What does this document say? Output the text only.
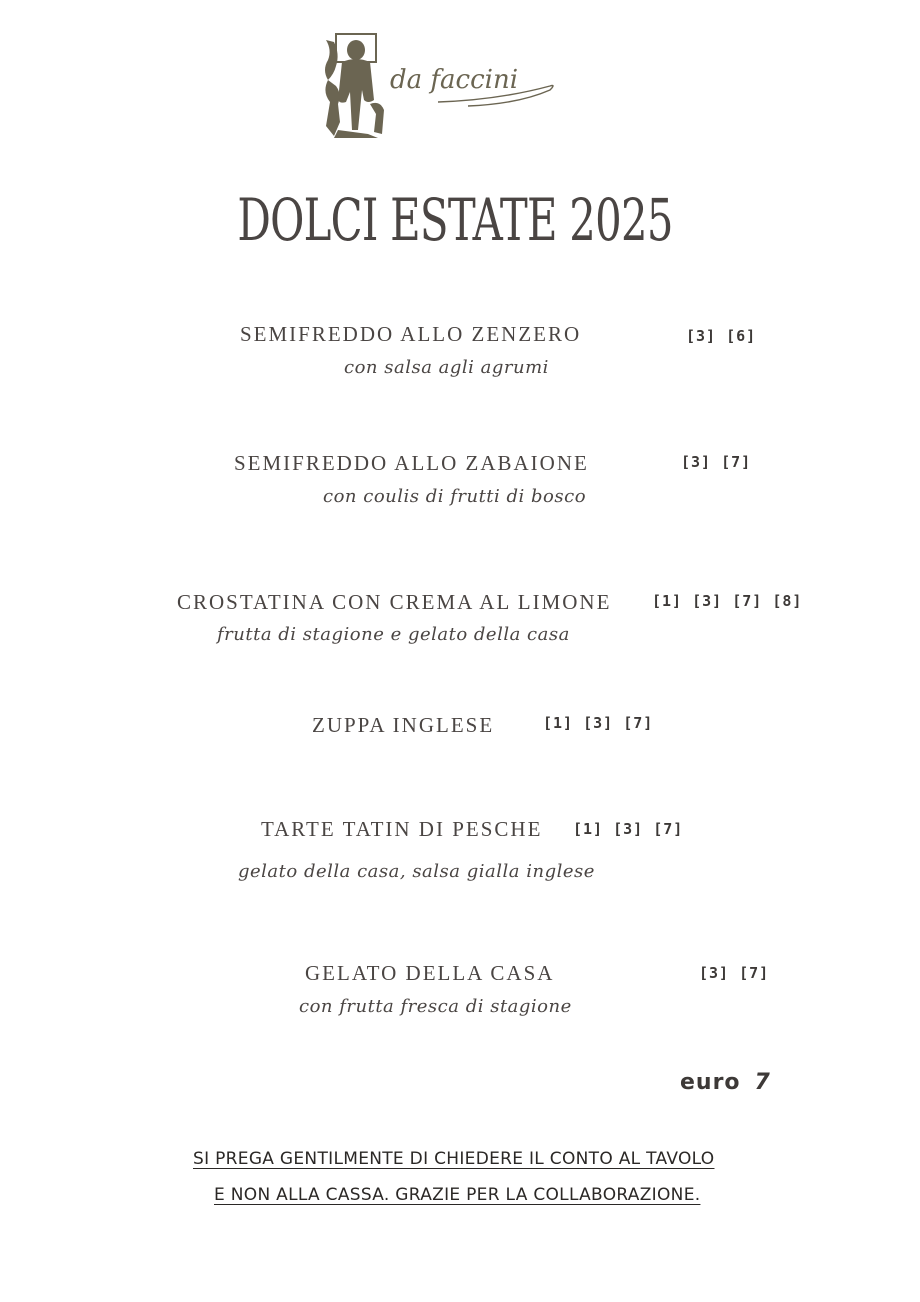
da faccini
DOLCI ESTATE 2025
SEMIFREDDO ALLO ZENZERO	[3] [6]
con salsa agli agrumi
SEMIFREDDO ALLO ZABAIONE	[3] [7]
con coulis di frutti di bosco
CROSTATINA CON CREMA AL LIMONE	[1] [3] [7] [8]
frutta di stagione e gelato della casa
ZUPPA INGLESE	[1] [3] [7]
TARTE TATIN DI PESCHE [1] [3] [7]
gelato della casa, salsa gialla inglese
GELATO DELLA CASA	[3] [7]
con frutta fresca di stagione
euro 7
SI PREGA GENTILMENTE DI CHIEDERE IL CONTO AL TAVOLO
E NON ALLA CASSA. GRAZIE PER LA COLLABORAZIONE.
